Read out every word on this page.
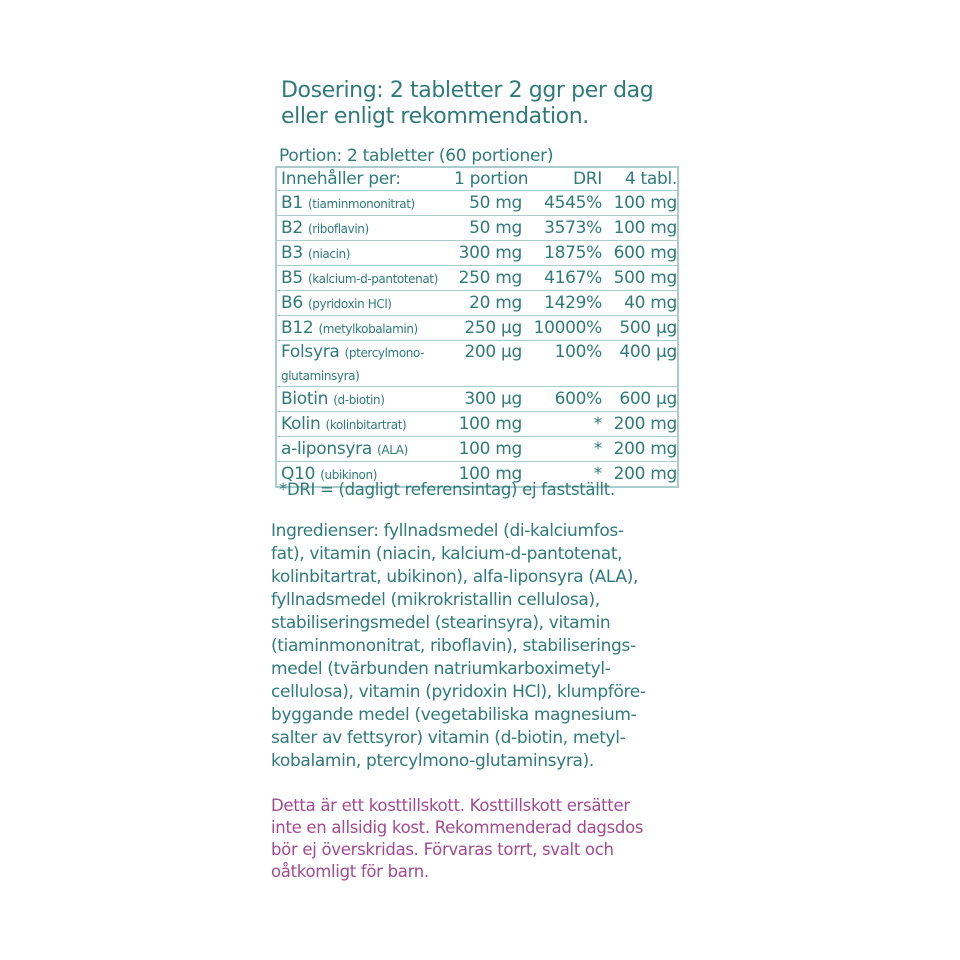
Dosering: 2 tabletter 2 ggr per dag
eller enligt rekommendation.
Portion: 2 tabletter (60 portioner)
Innehåller per:	1 portion	DRI	4 tabl.
B1 (tiaminmononitrat)	50 mg	4545% 100 mg
B2 (riboflavin)	50 mg	3573% 100 mg
B3 (niacin)	300 mg	1875% 600 mg
B5 (kalcium-d-pantotenat)	250 mg	4167% 500 mg
B6 (pyridoxin HCl)	20 mg	1429%	40 mg
B12 (metylkobalamin)	250 µg 10000%	500 µg
Folsyra (ptercylmono-
glutaminsyra)
200 µg	100%	400 µg
Biotin (d-biotin)	300 µg	600%	600 µg
Kolin (kolinbitartrat)	100 mg	* 200 mg
a-liponsyra (ALA)	100 mg	* 200 mg
Q10 (ubikinon)	100 mg	* 200 mg
*DRI = (dagligt referensintag) ej fastställt.
Ingredienser: fyllnadsmedel (di-kalciumfos-
fat), vitamin (niacin, kalcium-d-pantotenat,
kolinbitartrat, ubikinon), alfa-liponsyra (ALA),
fyllnadsmedel (mikrokristallin cellulosa),
stabiliseringsmedel (stearinsyra), vitamin
(tiaminmononitrat, riboflavin), stabiliserings-
medel (tvärbunden natriumkarboximetyl-
cellulosa), vitamin (pyridoxin HCl), klumpföre-
byggande medel (vegetabiliska magnesium-
salter av fettsyror) vitamin (d-biotin, metyl-
kobalamin, ptercylmono-glutaminsyra).
Detta är ett kosttillskott. Kosttillskott ersätter
inte en allsidig kost. Rekommenderad dagsdos
bör ej överskridas. Förvaras torrt, svalt och
oåtkomligt för barn.
